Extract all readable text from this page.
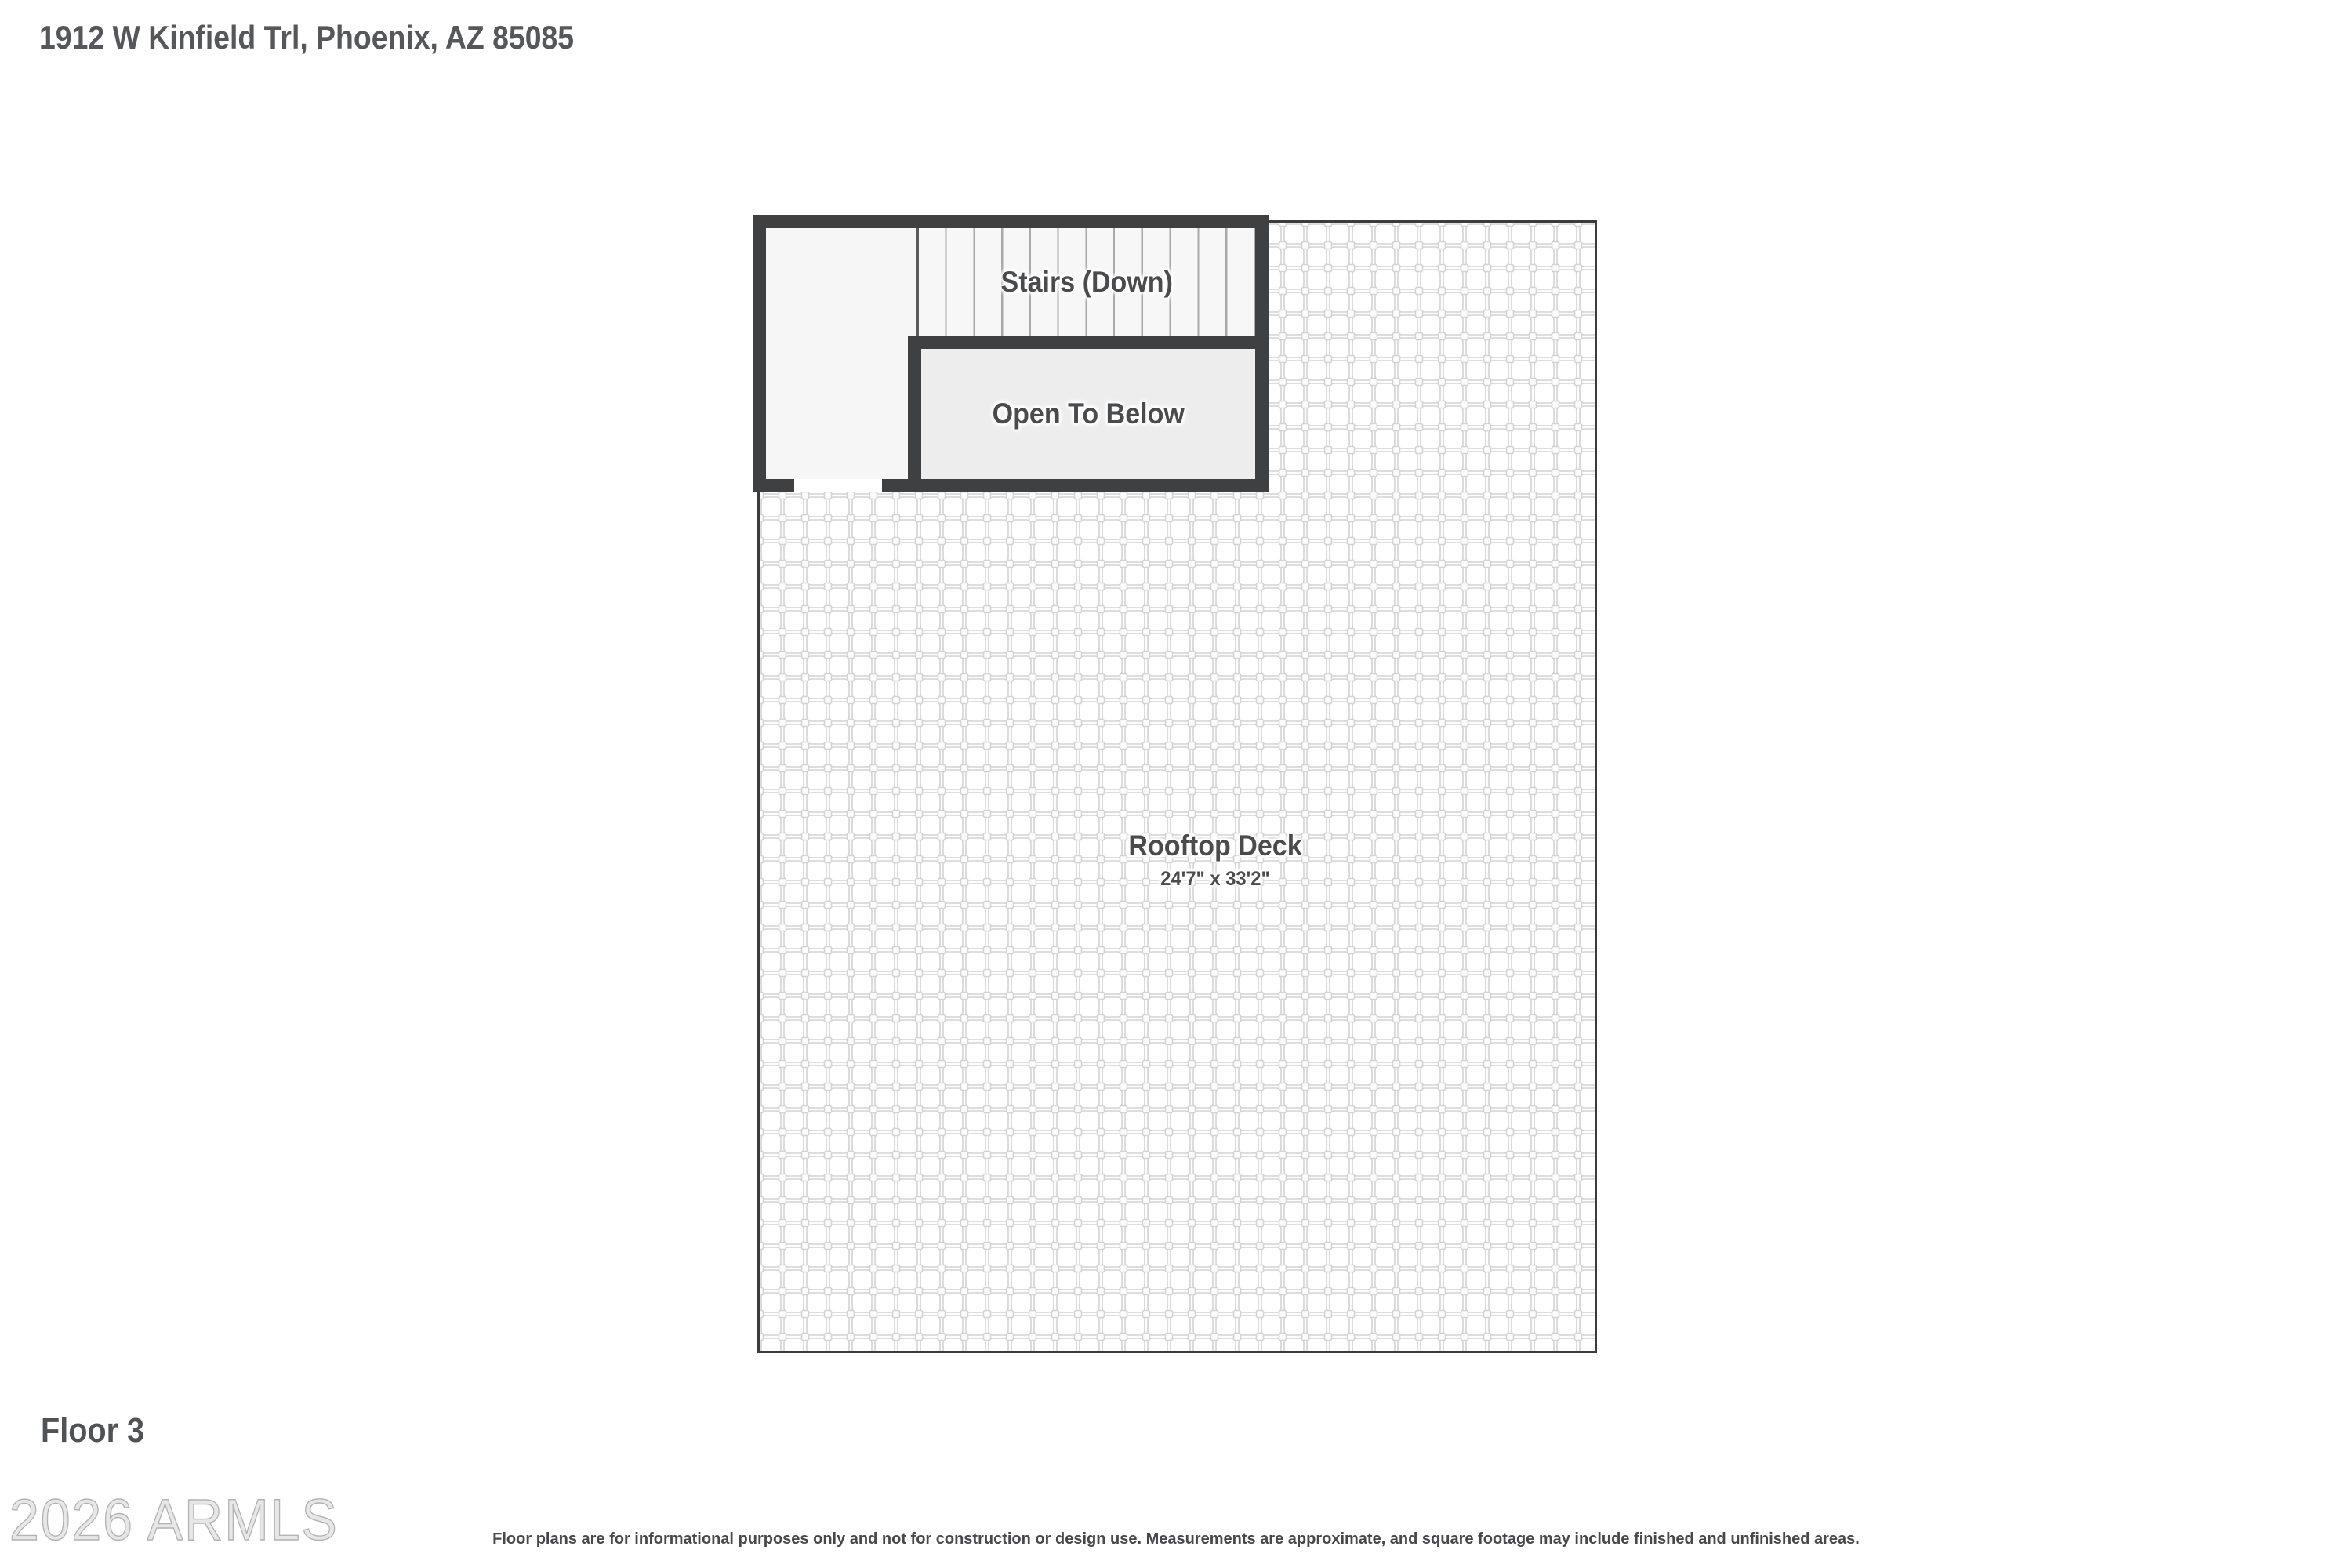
1912 W Kinfield Trl, Phoenix, AZ 85085
Rooftop Deck
24'7" x 33'2"
Stairs (Down)
Open To Below
Floor 3
2026 ARMLS	Floor plans are for informational purposes only and not for construction or design use. Measurements are approximate, and square footage may include finished and unfinished areas.
